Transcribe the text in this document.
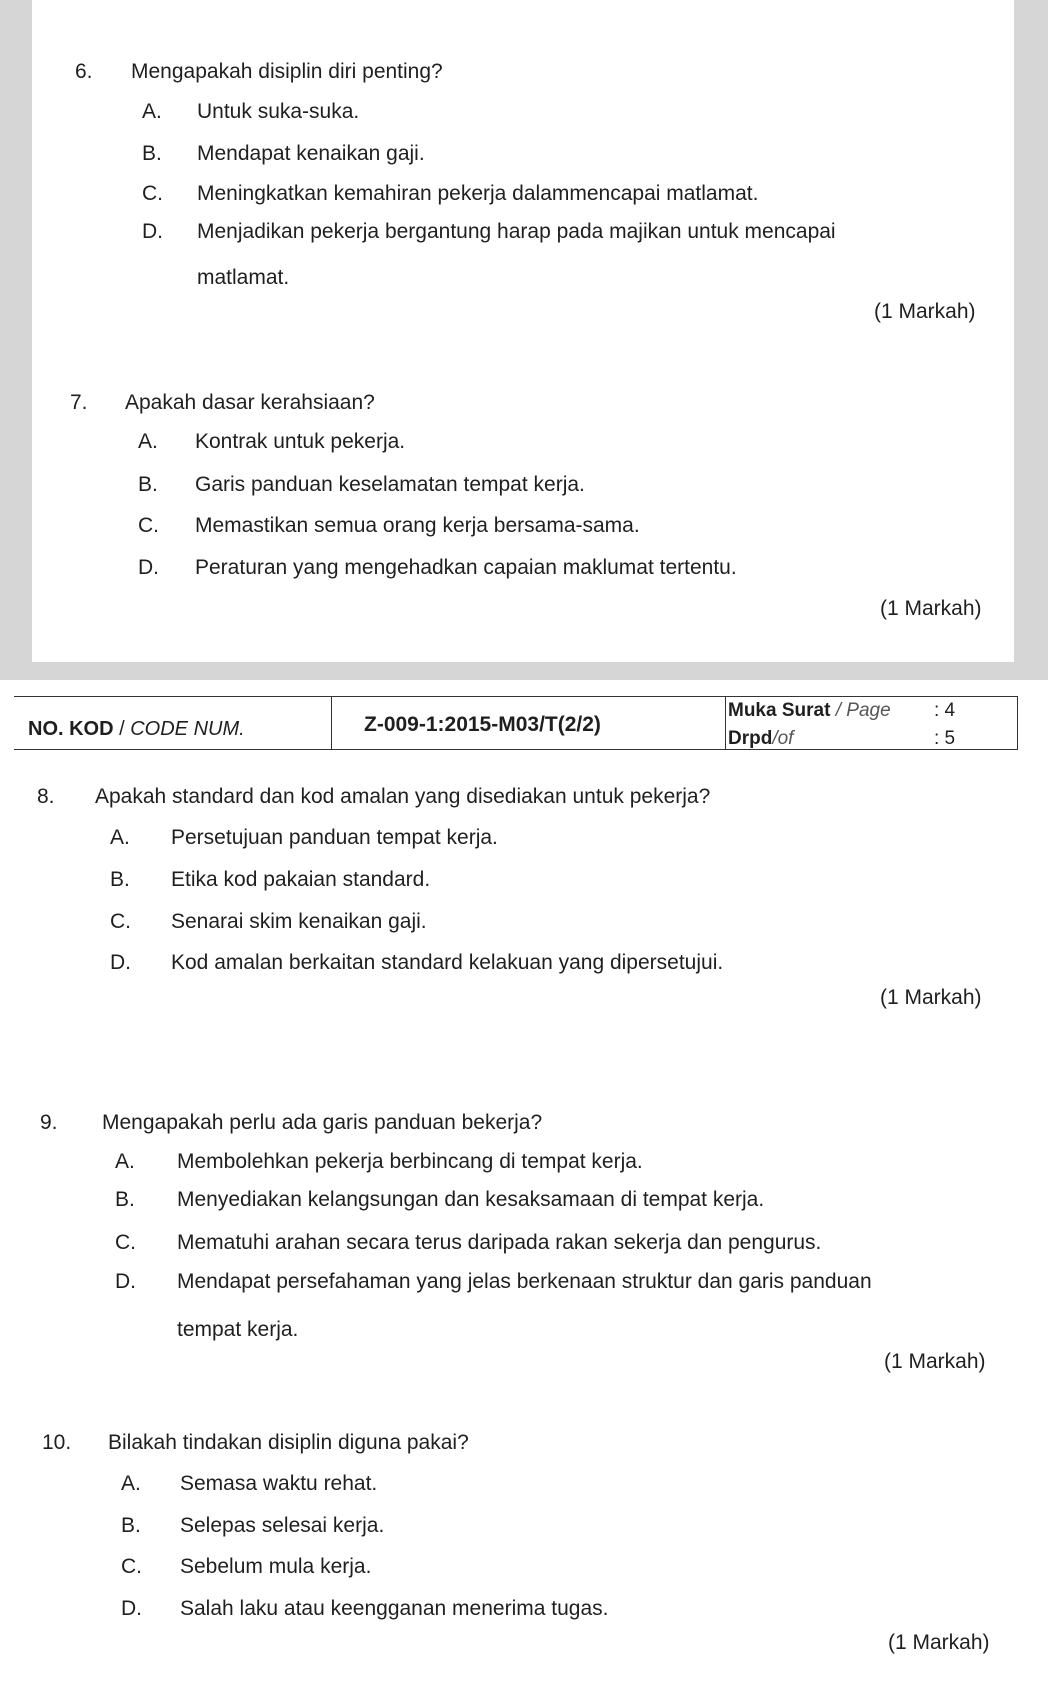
6. Mengapakah disiplin diri penting?
A. Untuk suka-suka.
B. Mendapat kenaikan gaji.
C. Meningkatkan kemahiran pekerja dalammencapai matlamat.
D. Menjadikan pekerja bergantung harap pada majikan untuk mencapai
matlamat.
(1 Markah)
7. Apakah dasar kerahsiaan?
A. Kontrak untuk pekerja.
B. Garis panduan keselamatan tempat kerja.
C. Memastikan semua orang kerja bersama-sama.
D. Peraturan yang mengehadkan capaian maklumat tertentu.
(1 Markah)
NO. KOD / CODE NUM.	Z-009-1:2015-M03/T(2/2)
Muka Surat / Page : 4
Drpd/of	: 5
8. Apakah standard dan kod amalan yang disediakan untuk pekerja?
A. Persetujuan panduan tempat kerja.
B. Etika kod pakaian standard.
C. Senarai skim kenaikan gaji.
D. Kod amalan berkaitan standard kelakuan yang dipersetujui.
(1 Markah)
9. Mengapakah perlu ada garis panduan bekerja?
A. Membolehkan pekerja berbincang di tempat kerja.
B. Menyediakan kelangsungan dan kesaksamaan di tempat kerja.
C. Mematuhi arahan secara terus daripada rakan sekerja dan pengurus.
D. Mendapat persefahaman yang jelas berkenaan struktur dan garis panduan
tempat kerja.
(1 Markah)
10. Bilakah tindakan disiplin diguna pakai?
A. Semasa waktu rehat.
B. Selepas selesai kerja.
C. Sebelum mula kerja.
D. Salah laku atau keengganan menerima tugas.
(1 Markah)
